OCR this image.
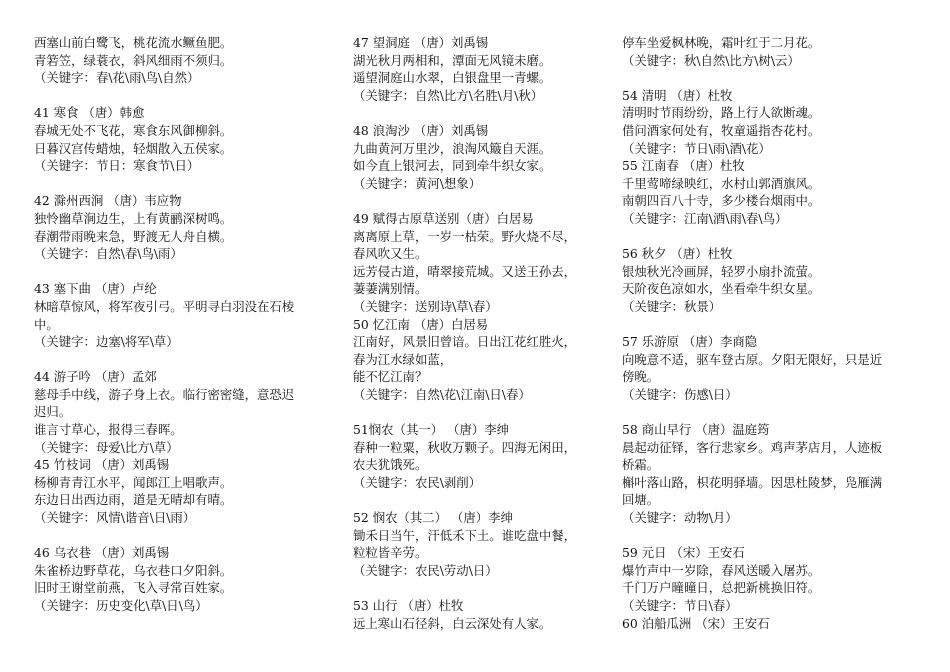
西塞山前白鹭飞，桃花流水鳜鱼肥。
青箬笠，绿蓑衣，斜风细雨不须归。
（关键字：春\花\雨\鸟\自然）
41 寒食 （唐）韩愈
春城无处不飞花，寒食东风御柳斜。
日暮汉宫传蜡烛，轻烟散入五侯家。
（关键字：节日：寒食节\日）
42 滁州西涧 （唐）韦应物
独怜幽草涧边生，上有黄鹂深树鸣。
春潮带雨晚来急，野渡无人舟自横。
（关键字：自然\春\鸟\雨）
43 塞下曲 （唐）卢纶
林暗草惊风，将军夜引弓。平明寻白羽没在石棱
中。
（关键字：边塞\将军\草）
44 游子吟 （唐）孟郊
慈母手中线，游子身上衣。临行密密缝，意恐迟
迟归。
谁言寸草心，报得三春晖。
（关键字：母爱\比方\草）
45 竹枝词 （唐）刘禹锡
杨柳青青江水平，闻郎江上唱歌声。
东边日出西边雨，道是无晴却有晴。
（关键字：风情\谐音\日\雨）
46 乌衣巷 （唐）刘禹锡
朱雀桥边野草花，乌衣巷口夕阳斜。
旧时王谢堂前燕，飞入寻常百姓家。
（关键字：历史变化\草\日\鸟）
47 望洞庭 （唐）刘禹锡
湖光秋月两相和，潭面无风镜未磨。
遥望洞庭山水翠，白银盘里一青螺。
（关键字：自然\比方\名胜\月\秋）
48 浪淘沙 （唐）刘禹锡
九曲黄河万里沙，浪淘风簸自天涯。
如今直上银河去，同到牵牛织女家。
（关键字：黄河\想象）
49 赋得古原草送别（唐）白居易
离离原上草，一岁一枯荣。野火烧不尽，
春风吹又生。
远芳侵古道，晴翠接荒城。又送王孙去，
萋萋满别情。
（关键字：送别诗\草\春）
50 忆江南 （唐）白居易
江南好，风景旧曾谙。日出江花红胜火，
春为江水绿如蓝，
能不忆江南？
（关键字：自然\花\江南\日\春）
51悯农（其一） （唐）李绅
春种一粒粟，秋收万颗子。四海无闲田，
农夫犹饿死。
（关键字：农民\剥削）
52 悯农（其二） （唐）李绅
锄禾日当午，汗低禾下土。谁吃盘中餐，
粒粒皆辛劳。
（关键字：农民\劳动\日）
53 山行 （唐）杜牧
远上寒山石径斜，白云深处有人家。
停车坐爱枫林晚，霜叶红于二月花。
（关键字：秋\自然\比方\树\云）
54 清明 （唐）杜牧
清明时节雨纷纷，路上行人欲断魂。
借问酒家何处有，牧童遥指杏花村。
（关键字：节日\雨\酒\花）
55 江南春 （唐）杜牧
千里莺啼绿映红，水村山郭酒旗风。
南朝四百八十寺，多少楼台烟雨中。
（关键字：江南\酒\雨\春\鸟）
56 秋夕 （唐）杜牧
银烛秋光冷画屏，轻罗小扇扑流萤。
天阶夜色凉如水，坐看牵牛织女星。
（关键字：秋景）
57 乐游原 （唐）李商隐
向晚意不适，驱车登古原。夕阳无限好，只是近
傍晚。
（关键字：伤感\日）
58 商山早行 （唐）温庭筠
晨起动征铎，客行悲家乡。鸡声茅店月，人迹板
桥霜。
槲叶落山路，枳花明驿墙。因思杜陵梦，凫雁满
回塘。
（关键字：动物\月）
59 元日 （宋）王安石
爆竹声中一岁除，春风送暖入屠苏。
千门万户曈曈日，总把新桃换旧符。
（关键字：节日\春）
60 泊船瓜洲 （宋）王安石
